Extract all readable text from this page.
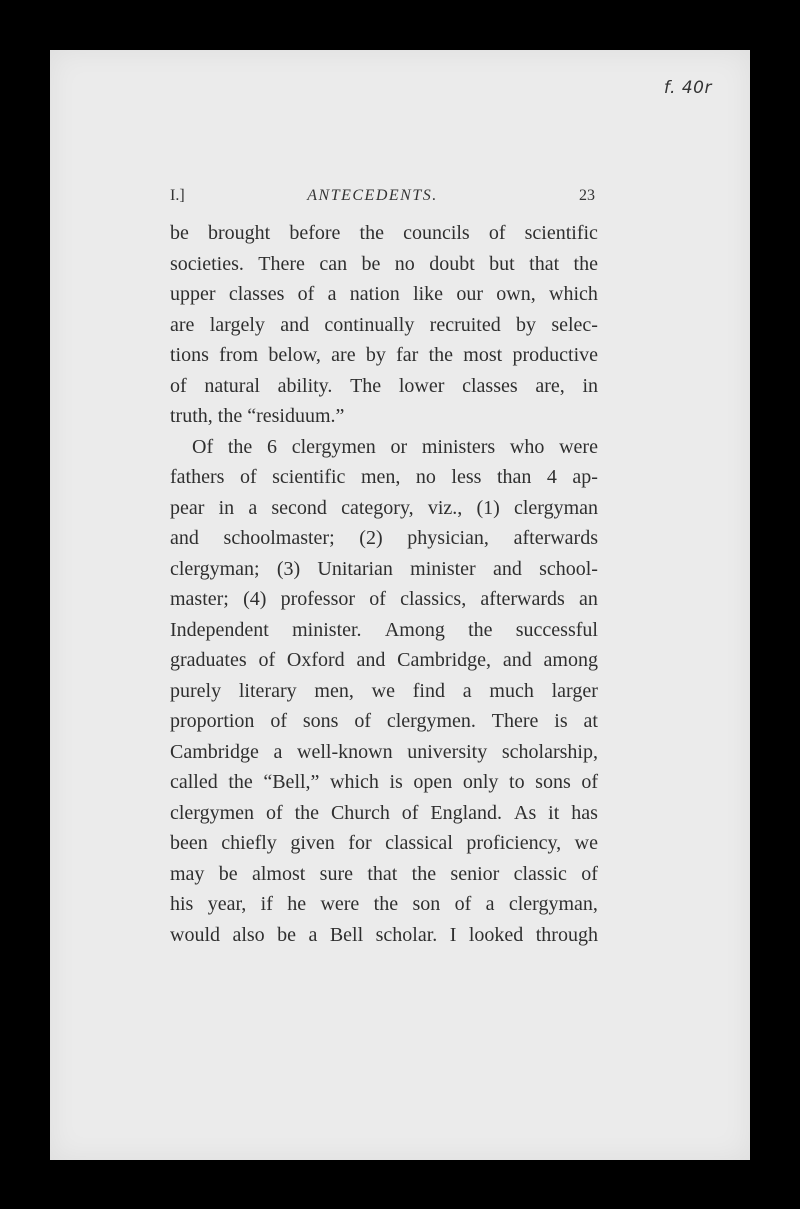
f. 40r
I.]	ANTECEDENTS.	23
be brought before the councils of scientific
societies. There can be no doubt but that the
upper classes of a nation like our own, which
are largely and continually recruited by selec-
tions from below, are by far the most productive
of natural ability. The lower classes are, in
truth, the “residuum.”
Of the 6 clergymen or ministers who were
fathers of scientific men, no less than 4 ap-
pear in a second category, viz., (1) clergyman
and schoolmaster; (2) physician, afterwards
clergyman; (3) Unitarian minister and school-
master; (4) professor of classics, afterwards an
Independent minister. Among the successful
graduates of Oxford and Cambridge, and among
purely literary men, we find a much larger
proportion of sons of clergymen. There is at
Cambridge a well-known university scholarship,
called the “Bell,” which is open only to sons of
clergymen of the Church of England. As it has
been chiefly given for classical proficiency, we
may be almost sure that the senior classic of
his year, if he were the son of a clergyman,
would also be a Bell scholar. I looked through
